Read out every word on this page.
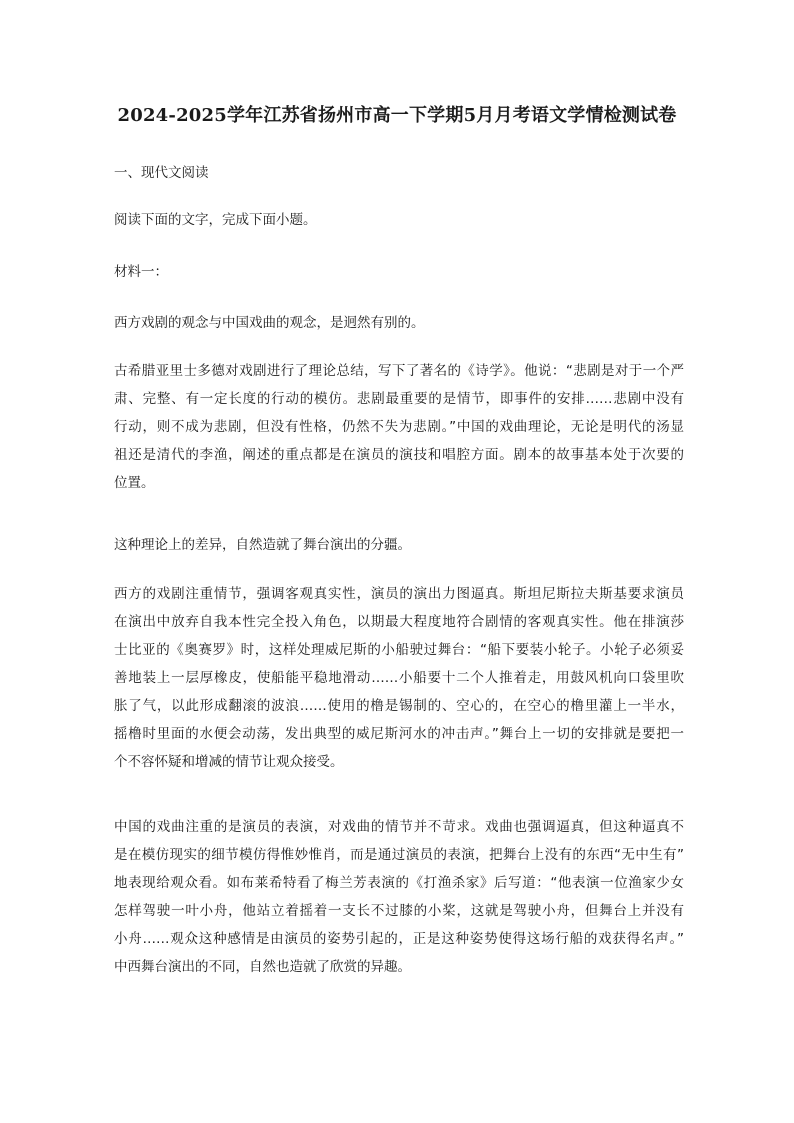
2024-2025学年江苏省扬州市高一下学期5月月考语文学情检测试卷
一、现代文阅读
阅读下面的文字，完成下面小题。
材料一：
西方戏剧的观念与中国戏曲的观念，是迥然有别的。
古希腊亚里士多德对戏剧进行了理论总结，写下了著名的《诗学》。他说：“悲剧是对于一个严
肃、完整、有一定长度的行动的模仿。悲剧最重要的是情节，即事件的安排……悲剧中没有
行动，则不成为悲剧，但没有性格，仍然不失为悲剧。”中国的戏曲理论，无论是明代的汤显
祖还是清代的李渔，阐述的重点都是在演员的演技和唱腔方面。剧本的故事基本处于次要的
位置。
这种理论上的差异，自然造就了舞台演出的分疆。
西方的戏剧注重情节，强调客观真实性，演员的演出力图逼真。斯坦尼斯拉夫斯基要求演员
在演出中放弃自我本性完全投入角色，以期最大程度地符合剧情的客观真实性。他在排演莎
士比亚的《奥赛罗》时，这样处理威尼斯的小船驶过舞台：“船下要装小轮子。小轮子必须妥
善地装上一层厚橡皮，使船能平稳地滑动……小船要十二个人推着走，用鼓风机向口袋里吹
胀了气，以此形成翻滚的波浪……使用的橹是锡制的、空心的，在空心的橹里灌上一半水，
摇橹时里面的水便会动荡，发出典型的威尼斯河水的冲击声。”舞台上一切的安排就是要把一
个不容怀疑和增减的情节让观众接受。
中国的戏曲注重的是演员的表演，对戏曲的情节并不苛求。戏曲也强调逼真，但这种逼真不
是在模仿现实的细节模仿得惟妙惟肖，而是通过演员的表演，把舞台上没有的东西“无中生有”
地表现给观众看。如布莱希特看了梅兰芳表演的《打渔杀家》后写道：“他表演一位渔家少女
怎样驾驶一叶小舟，他站立着摇着一支长不过膝的小桨，这就是驾驶小舟，但舞台上并没有
小舟……观众这种感情是由演员的姿势引起的，正是这种姿势使得这场行船的戏获得名声。”
中西舞台演出的不同，自然也造就了欣赏的异趣。
